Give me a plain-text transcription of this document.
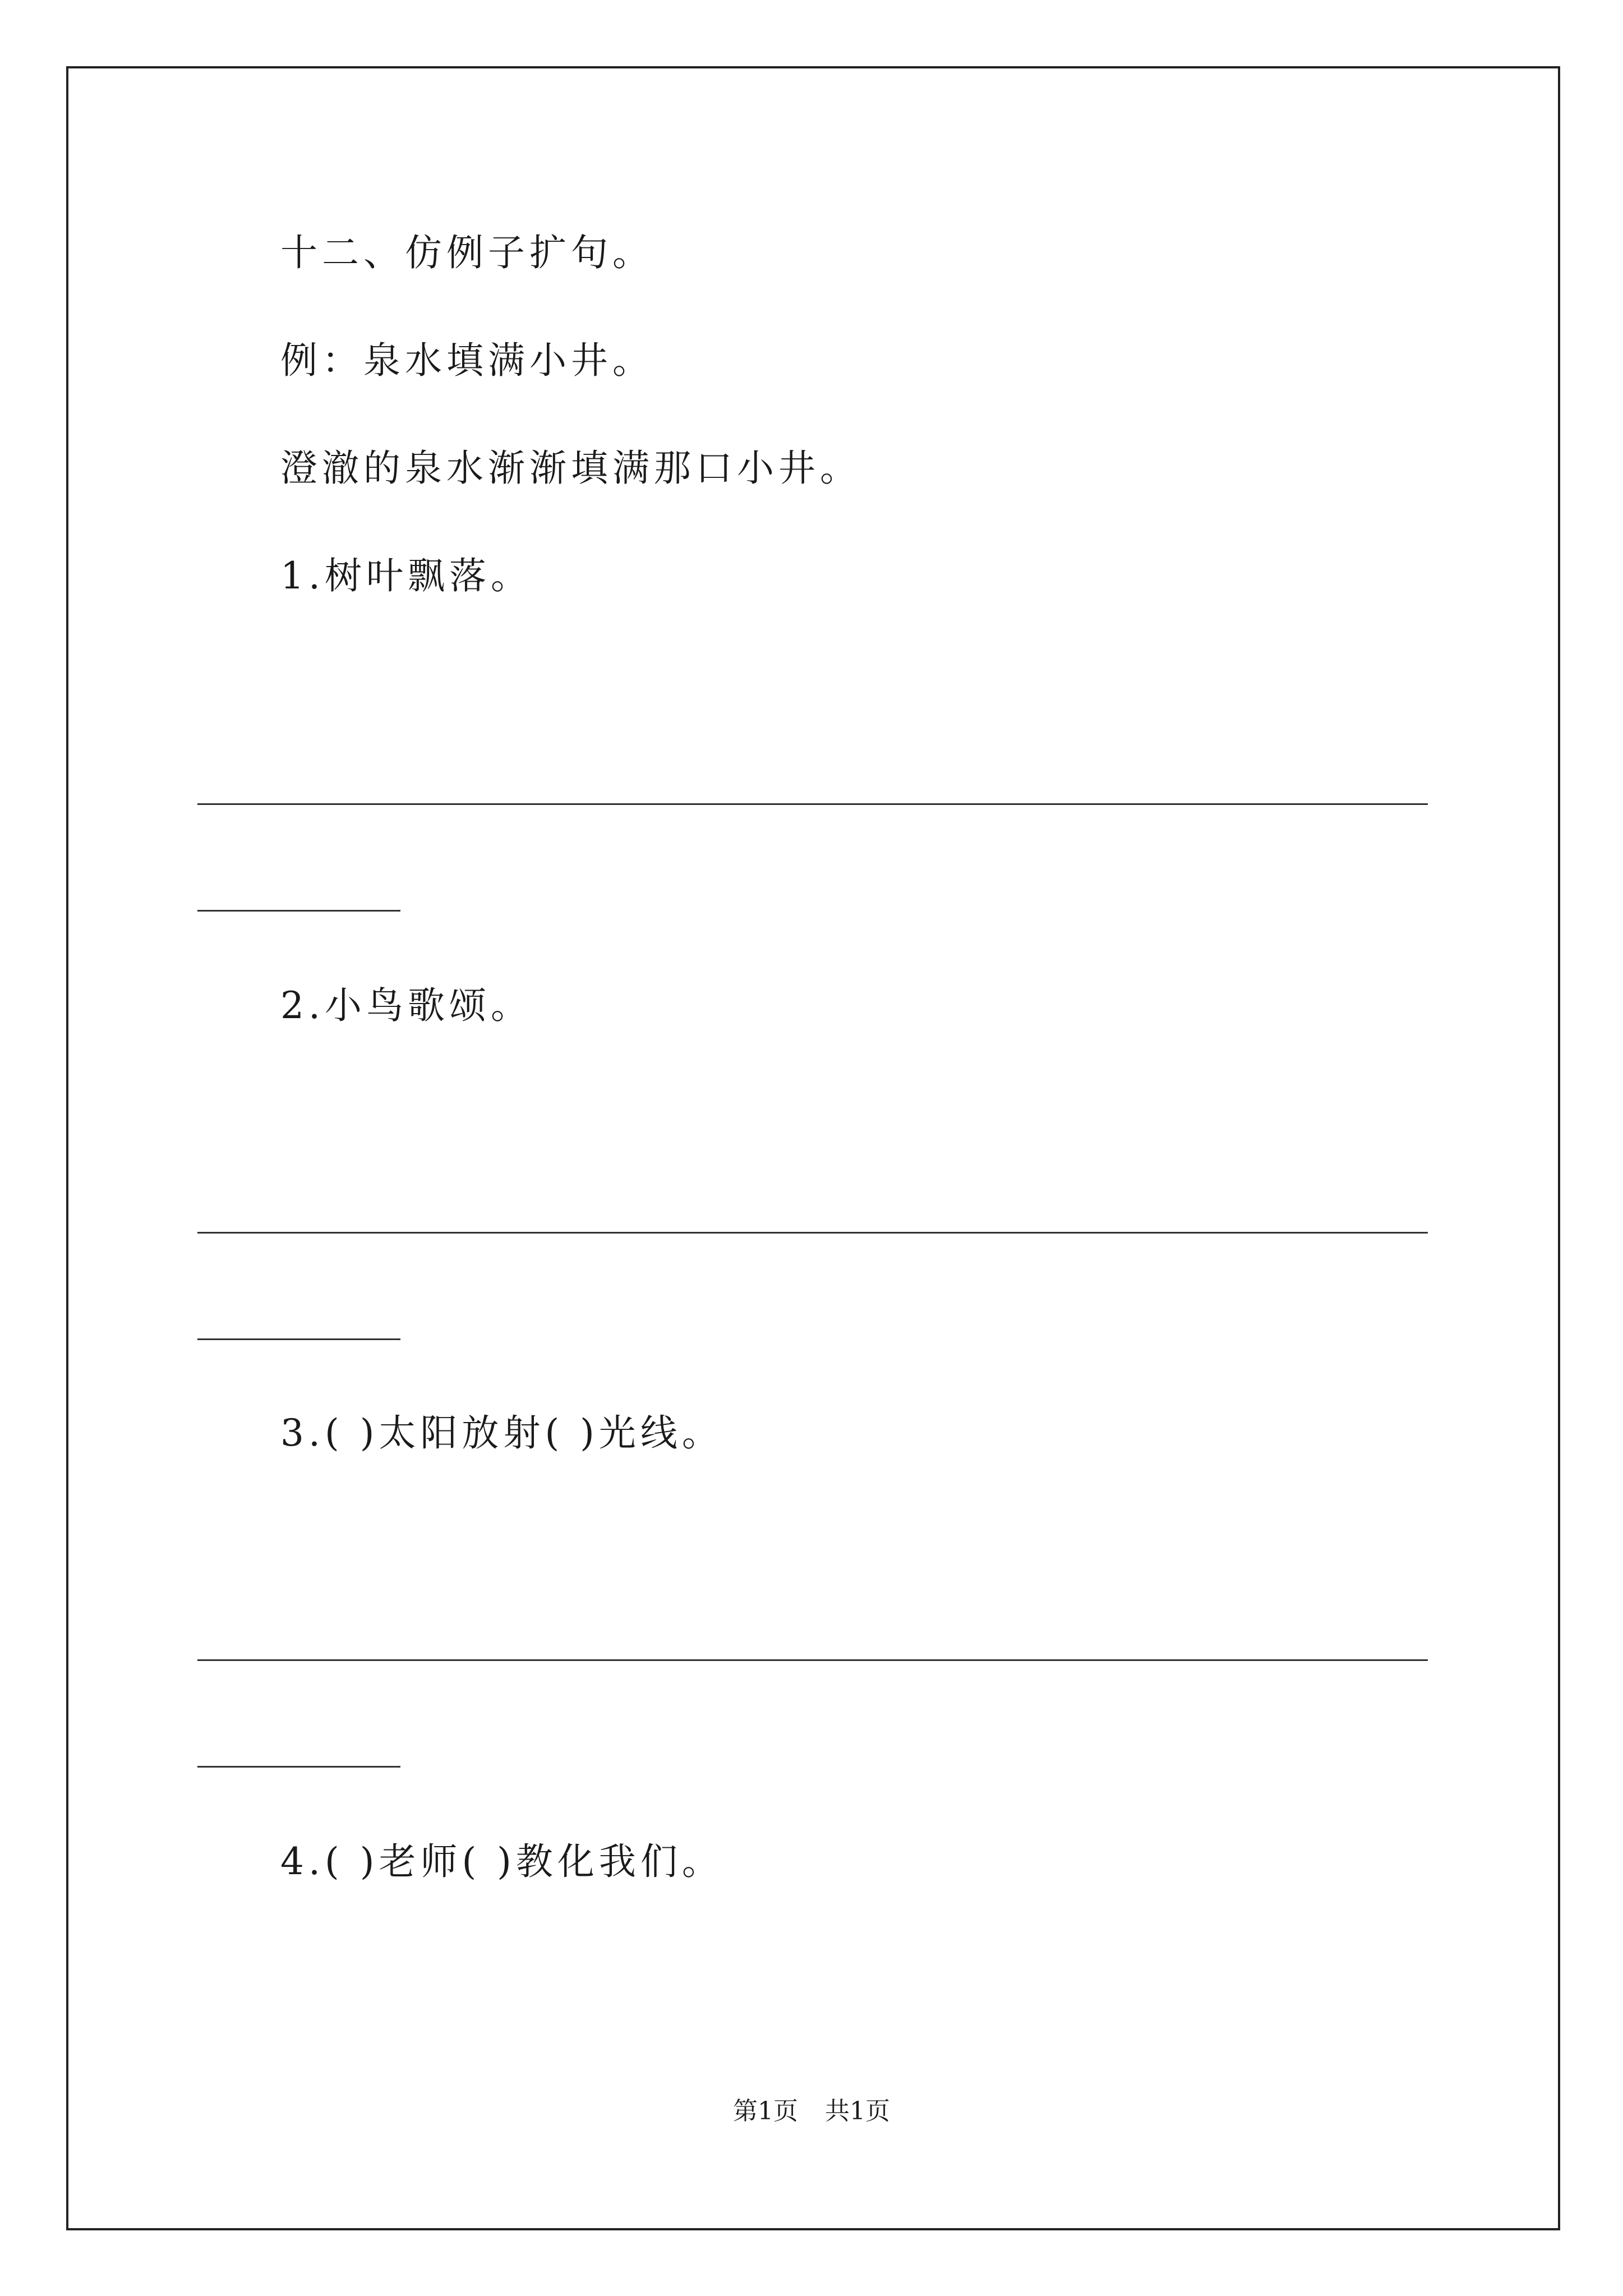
十二、仿例子扩句。
例：泉水填满小井。
澄澈的泉水渐渐填满那口小井。
1.树叶飘落。
2.小鸟歌颂。
3.( )太阳放射( )光线。
4.( )老师( )教化我们。
第1页 共1页
